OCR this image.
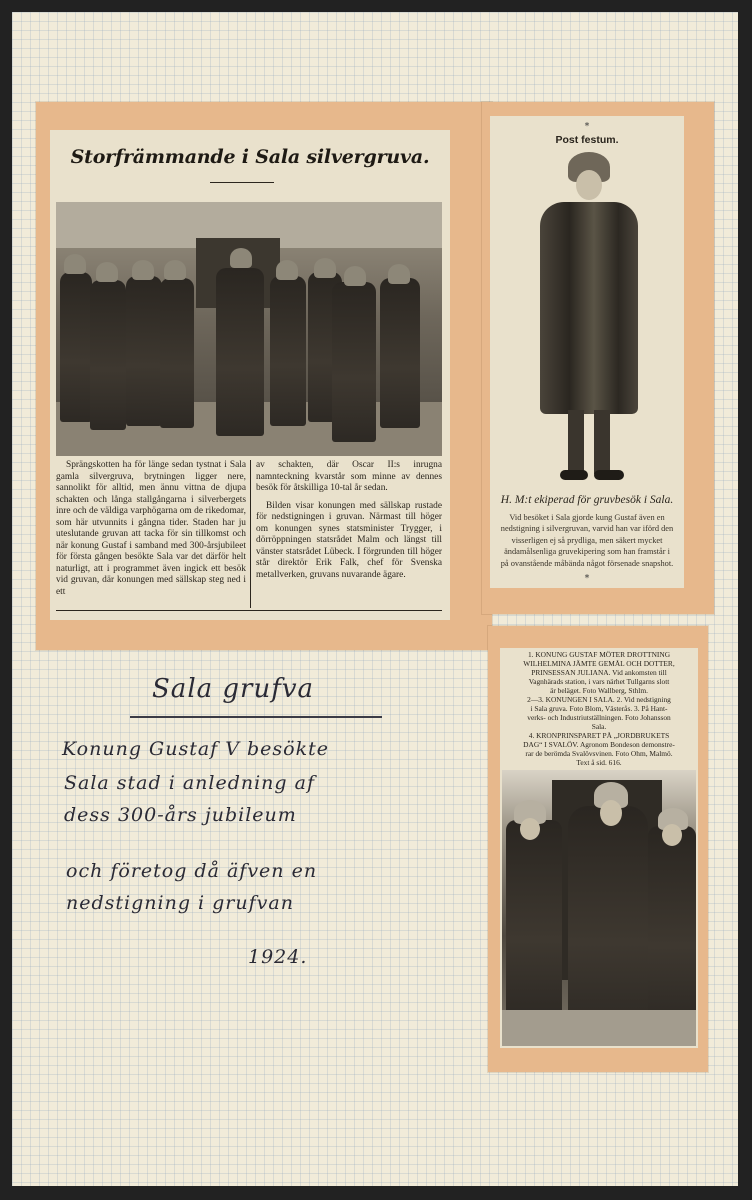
Storfrämmande i Sala silvergruva.

Sprängskotten ha för länge sedan tystnat i Sala gamla silvergruva, brytningen ligger nere, sannolikt för alltid, men ännu vittna de djupa schakten och långa stallgångarna i silverbergets inre och de väldiga varphögarna om de rikedomar, som här utvunnits i gångna tider. Staden har ju uteslutande gruvan att tacka för sin tillkomst och när konung Gustaf i samband med 300-årsjubileet för första gången besökte Sala var det därför helt naturligt, att i programmet även ingick ett besök vid gruvan, där konungen med sällskap steg ned i ett

av schakten, där Oscar II:s inrugna namnteckning kvarstår som minne av dennes besök för åtskilliga 10-tal år sedan.

Bilden visar konungen med sällskap rustade för nedstigningen i gruvan. Närmast till höger om konungen synes statsminister Trygger, i dörröppningen statsrådet Malm och längst till vänster statsrådet Lübeck. I förgrunden till höger står direktör Erik Falk, chef för Svenska metallverken, gruvans nuvarande ägare.

*
Post festum.
H. M:t ekiperad för gruvbesök i Sala.
Vid besöket i Sala gjorde kung Gustaf även en nedstigning i silvergruvan, varvid han var iförd den visserligen ej så prydliga, men säkert mycket ändamålsenliga gruvekipering som han framstår i på ovanstående måbända något försenade snapshot.
*
1. KONUNG GUSTAF MÖTER DROTTNING
WILHELMINA JÄMTE GEMÅL OCH DOTTER,
PRINSESSAN JULIANA. Vid ankomsten till
Vagnhärads station, i vars närhet Tullgarns slott
är beläget. Foto Wallberg, Sthlm.
2—3. KONUNGEN I SALA. 2. Vid nedstigning
i Sala gruva. Foto Blom, Västerås. 3. På Hant-
verks- och Industriutställningen. Foto Johansson
Sala.
4. KRONPRINSPARET PÅ „JORDBRUKETS
DAG“ I SVALÖV. Agronom Bondeson demonstre-
rar de berömda Svalövsvinen. Foto Ohm, Malmö.
Text å sid. 616.
Sala grufva
Konung Gustaf V besökte
Sala stad i anledning af
dess 300-års jubileum
och företog då äfven en
nedstigning i grufvan
1924.
